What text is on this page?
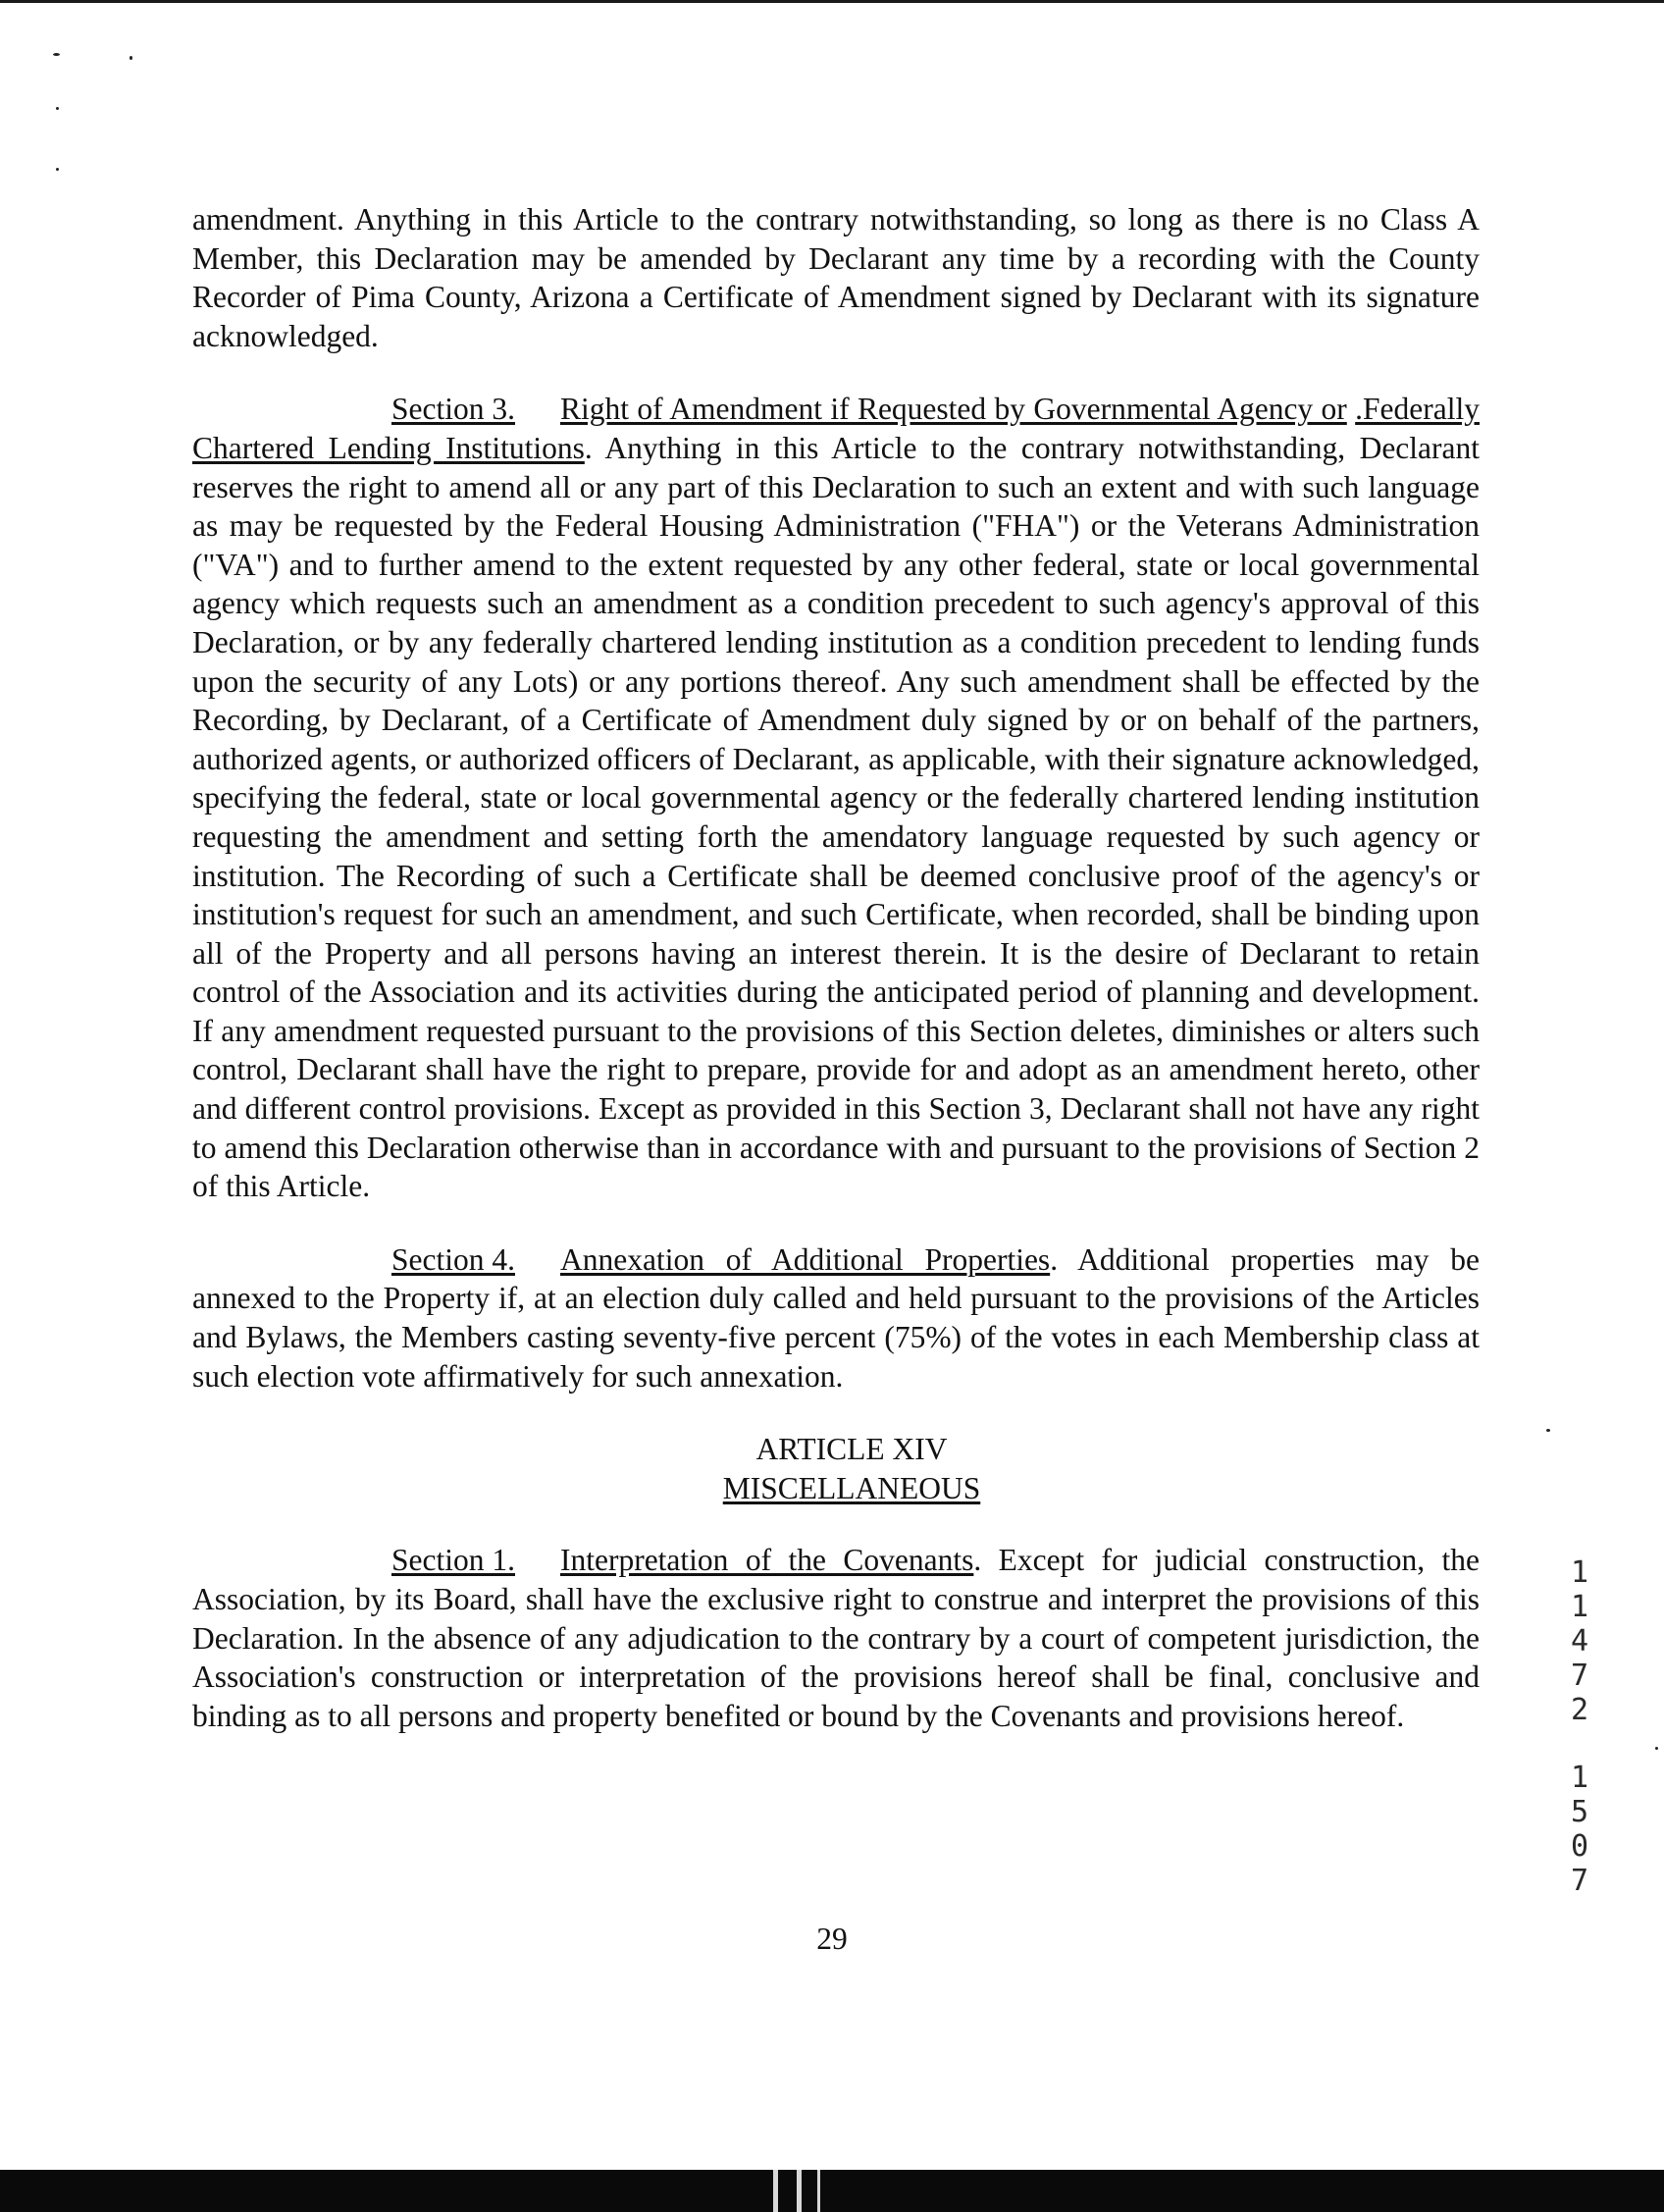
amendment. Anything in this Article to the contrary notwithstanding, so long as there is no Class A Member, this Declaration may be amended by Declarant any time by a recording with the County Recorder of Pima County, Arizona a Certificate of Amendment signed by Declarant with its signature acknowledged.

Section 3. Right of Amendment if Requested by Governmental Agency or .Federally Chartered Lending Institutions. Anything in this Article to the contrary notwithstanding, Declarant reserves the right to amend all or any part of this Declaration to such an extent and with such language as may be requested by the Federal Housing Administration ("FHA") or the Veterans Administration ("VA") and to further amend to the extent requested by any other federal, state or local governmental agency which requests such an amendment as a condition precedent to such agency's approval of this Declaration, or by any federally chartered lending institution as a condition precedent to lending funds upon the security of any Lots) or any portions thereof. Any such amendment shall be effected by the Recording, by Declarant, of a Certificate of Amendment duly signed by or on behalf of the partners, authorized agents, or authorized officers of Declarant, as applicable, with their signature acknowledged, specifying the federal, state or local governmental agency or the federally chartered lending institution requesting the amendment and setting forth the amendatory language requested by such agency or institution. The Recording of such a Certificate shall be deemed conclusive proof of the agency's or institution's request for such an amendment, and such Certificate, when recorded, shall be binding upon all of the Property and all persons having an interest therein. It is the desire of Declarant to retain control of the Association and its activities during the anticipated period of planning and development. If any amendment requested pursuant to the provisions of this Section deletes, diminishes or alters such control, Declarant shall have the right to prepare, provide for and adopt as an amendment hereto, other and different control provisions. Except as provided in this Section 3, Declarant shall not have any right to amend this Declaration otherwise than in accordance with and pursuant to the provisions of Section 2 of this Article.

Section 4. Annexation of Additional Properties. Additional properties may be annexed to the Property if, at an election duly called and held pursuant to the provisions of the Articles and Bylaws, the Members casting seventy-five percent (75%) of the votes in each Membership class at such election vote affirmatively for such annexation.

ARTICLE XIV

MISCELLANEOUS

Section 1. Interpretation of the Covenants. Except for judicial construction, the Association, by its Board, shall have the exclusive right to construe and interpret the provisions of this Declaration. In the absence of any adjudication to the contrary by a court of competent jurisdiction, the Association's construction or interpretation of the provisions hereof shall be final, conclusive and binding as to all persons and property benefited or bound by the Covenants and provisions hereof.

29
1
1
4
7
2
1
5
0
7
